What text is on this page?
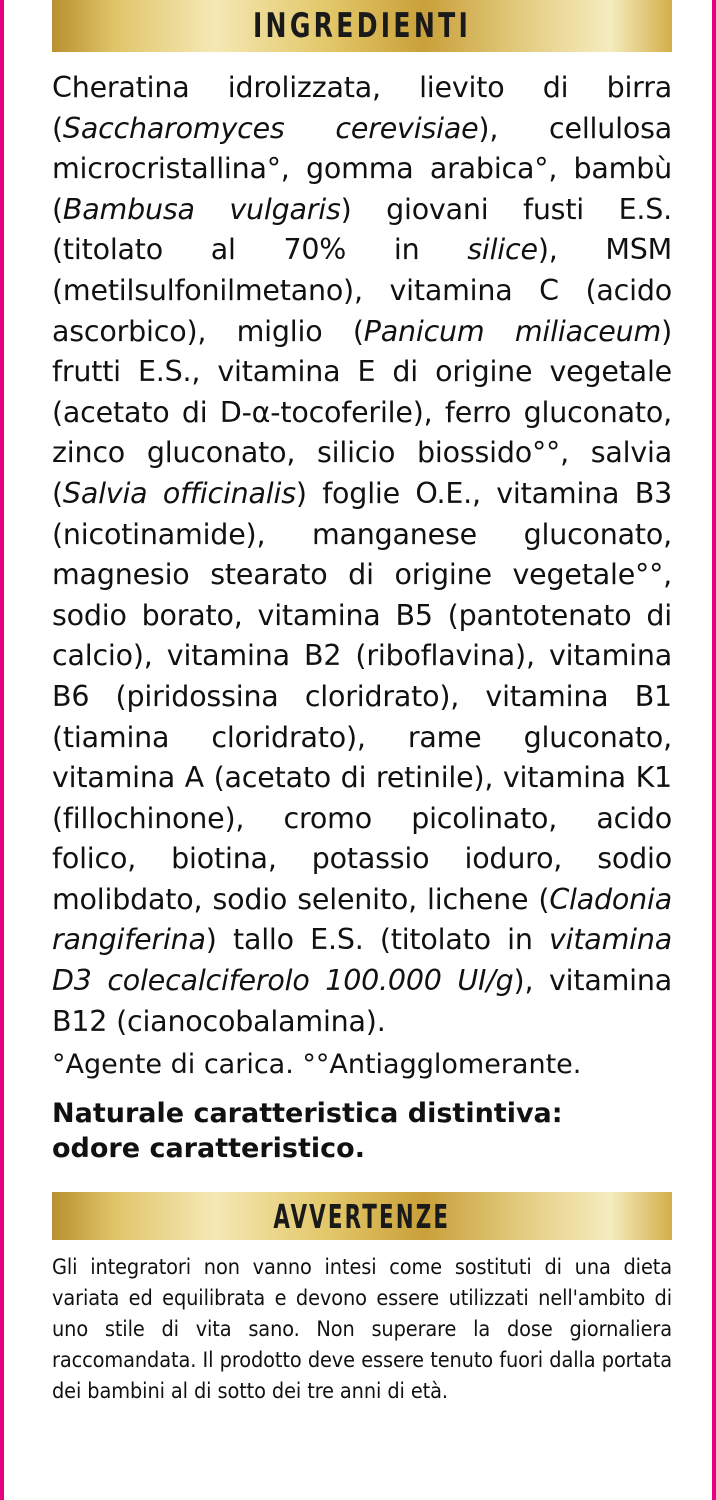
INGREDIENTI

Cheratina idrolizzata, lievito di birra (Saccharomyces cerevisiae), cellulosa microcristallina°, gomma arabica°, bambù (Bambusa vulgaris) giovani fusti E.S. (titolato al 70% in silice), MSM (metilsulfonilmetano), vitamina C (acido ascorbico), miglio (Panicum miliaceum) frutti E.S., vitamina E di origine vegetale (acetato di D-α-tocoferile), ferro gluconato, zinco gluconato, silicio biossido°°, salvia (Salvia officinalis) foglie O.E., vitamina B3 (nicotinamide), manganese gluconato, magnesio stearato di origine vegetale°°, sodio borato, vitamina B5 (pantotenato di calcio), vitamina B2 (riboflavina), vitamina B6 (piridossina cloridrato), vitamina B1 (tiamina cloridrato), rame gluconato, vitamina A (acetato di retinile), vitamina K1 (fillochinone), cromo picolinato, acido folico, biotina, potassio ioduro, sodio molibdato, sodio selenito, lichene (Cladonia rangiferina) tallo E.S. (titolato in vitamina D3 colecalciferolo 100.000 UI/g), vitamina B12 (cianocobalamina).

°Agente di carica. °°Antiagglomerante.

Naturale caratteristica distintiva:
odore caratteristico.

AVVERTENZE

Gli integratori non vanno intesi come sostituti di una dieta variata ed equilibrata e devono essere utilizzati nell'ambito di uno stile di vita sano. Non superare la dose giornaliera raccomandata. Il prodotto deve essere tenuto fuori dalla portata dei bambini al di sotto dei tre anni di età.
